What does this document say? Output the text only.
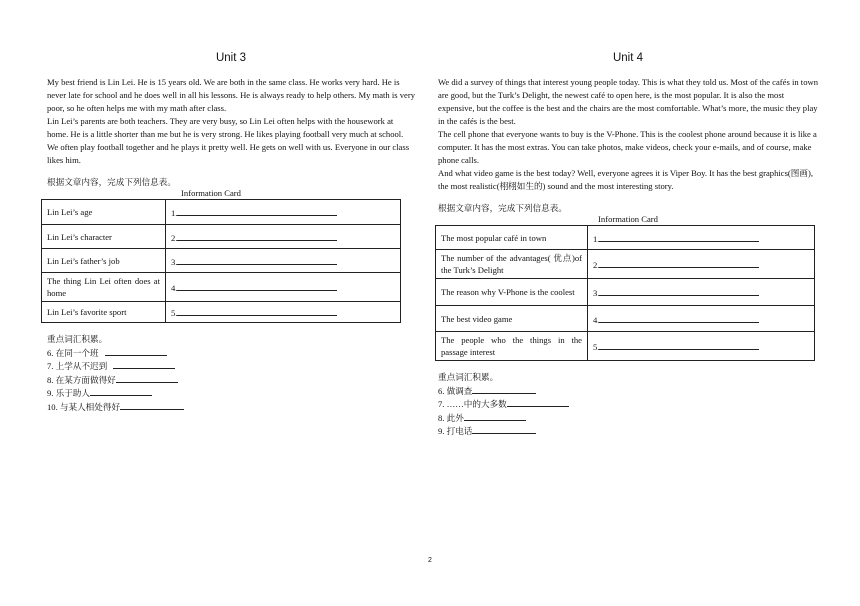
Unit 3

My best friend is Lin Lei. He is 15 years old. We are both in the same class. He works very hard. He is never late for school and he does well in all his lessons. He is always ready to help others. My math is very poor, so he often helps me with my math after class.

Lin Lei’s parents are both teachers. They are very busy, so Lin Lei often helps with the housework at home. He is a little shorter than me but he is very strong. He likes playing football very much at school.

We often play football together and he plays it pretty well. He gets on well with us. Everyone in our class likes him.

根据文章内容，完成下列信息表。
Information Card
Lin Lei’s age	1.
Lin Lei’s character	2.
Lin Lei’s father’s job	3.
The thing Lin Lei often does at home	4.
Lin Lei’s favorite sport	5.
重点词汇积累。
6. 在同一个班
7. 上学从不迟到
8. 在某方面做得好
9. 乐于助人
10. 与某人相处得好
Unit 4

We did a survey of things that interest young people today. This is what they told us. Most of the cafés in town are good, but the Turk’s Delight, the newest café to open here, is the most popular. It is also the most expensive, but the coffee is the best and the chairs are the most comfortable. What’s more, the music they play in the cafés is the best.

The cell phone that everyone wants to buy is the V-Phone. This is the coolest phone around because it is like a computer. It has the most extras. You can take photos, make videos, check your e-mails, and of course, make phone calls.

And what video game is the best today? Well, everyone agrees it is Viper Boy. It has the best graphics(图画), the most realistic(栩栩如生的) sound and the most interesting story.

根据文章内容，完成下列信息表。
Information Card
The most popular café in town	1.
The number of the advantages( 优点)of the Turk’s Delight	2.
The reason why V-Phone is the coolest	3.
The best video game	4.
The people who the things in the passage interest	5.
重点词汇积累。
6. 做调查
7. ……中的大多数
8. 此外
9. 打电话
2
